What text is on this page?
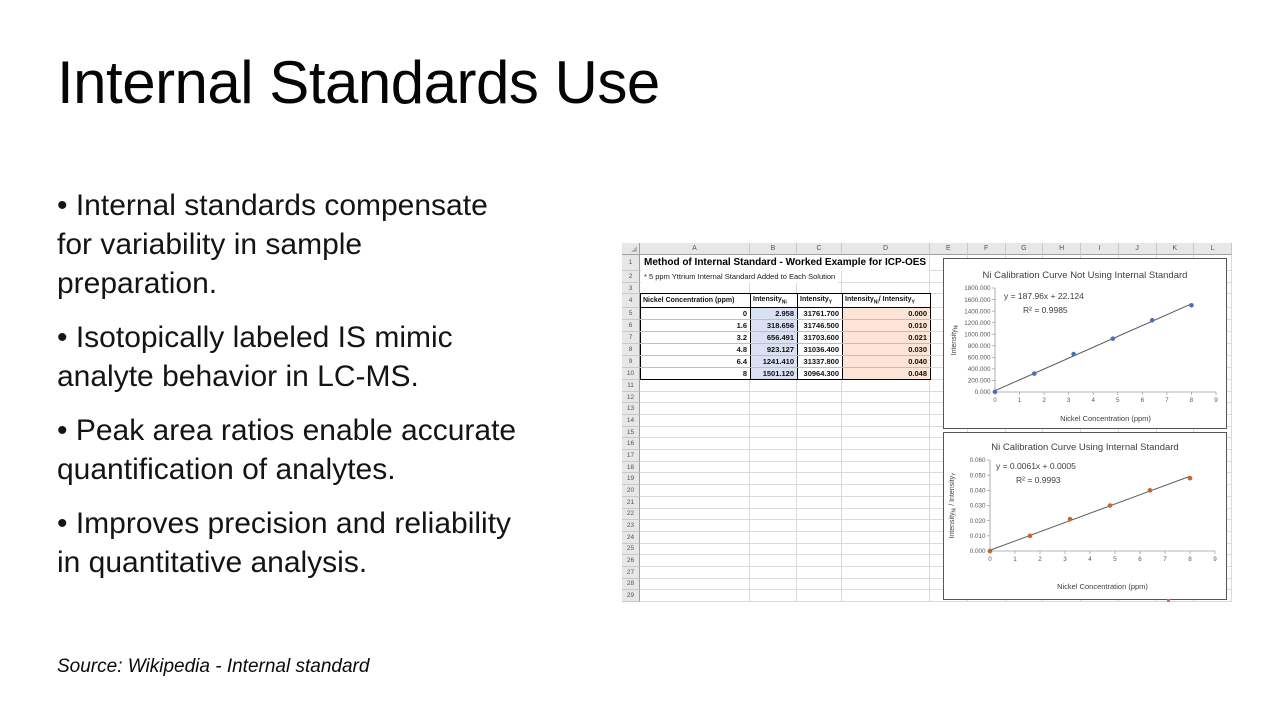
Internal Standards Use
• Internal standards compensate
for variability in sample
preparation.
• Isotopically labeled IS mimic
analyte behavior in LC-MS.
• Peak area ratios enable accurate
quantification of analytes.
• Improves precision and reliability
in quantitative analysis.
Source: Wikipedia - Internal standard
A	B	C	D	E	F	G	H	I	J	K	L
1
2
3
4
5
6
7
8
9
10
11
12
13
14
15
16
17
18
19
20
21
22
23
24
25
26
27
28
29
Method of Internal Standard - Worked Example for ICP-OES
* 5 ppm Yttrium Internal Standard Added to Each Solution
Nickel Concentration (ppm)	Intensity$_{Ni}$	Intensity$_Y$	Intensity$_{Ni}$/ Intensity$_Y$
0	2.958	31761.700	0.000
1.6	318.656	31746.500	0.010
3.2	656.491	31703.600	0.021
4.8	923.127	31036.400	0.030
6.4	1241.410	31337.800	0.040
8	1501.120	30964.300	0.048
Ni Calibration Curve Not Using Internal Standard
0.000
200.000
400.000
600.000
800.000
1000.000
1200.000
1400.000
1600.000
1800.000
0	1	2	3	4	5	6	7	8	9
y = 187.96x + 22.124
R² = 0.9985
Nickel Concentration (ppm)
Intensity$_{Ni}$
Ni Calibration Curve Using Internal Standard
0.000
0.010
0.020
0.030
0.040
0.050
0.060
0	1	2	3	4	5	6	7	8	9
y = 0.0061x + 0.0005
R² = 0.9993
Nickel Concentration (ppm)
Intensity$_{Ni}$ / Intensity$_Y$
